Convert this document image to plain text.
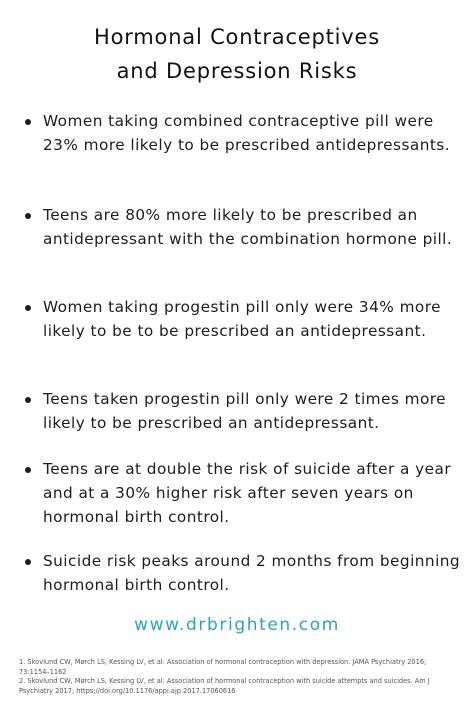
Hormonal Contraceptives
and Depression Risks
Women taking combined contraceptive pill were 23% more likely to be prescribed antidepressants.
Teens are 80% more likely to be prescribed an antidepressant with the combination hormone pill.
Women taking progestin pill only were 34% more likely to be to be prescribed an antidepressant.
Teens taken progestin pill only were 2 times more likely to be prescribed an antidepressant.
Teens are at double the risk of suicide after a year and at a 30% higher risk after seven years on hormonal birth control.
Suicide risk peaks around 2 months from beginning hormonal birth control.
www.drbrighten.com
1. Skovlund CW, Mørch LS, Kessing LV, et al: Association of hormonal contraception with depression. JAMA Psychiatry 2016; 73:1154–1162
2. Skovlund CW, Mørch LS, Kessing LV, et al: Association of hormonal contraception with suicide attempts and suicides. Am J Psychiatry 2017; https://doi.org/10.1176/appi.ajp.2017.17060616
